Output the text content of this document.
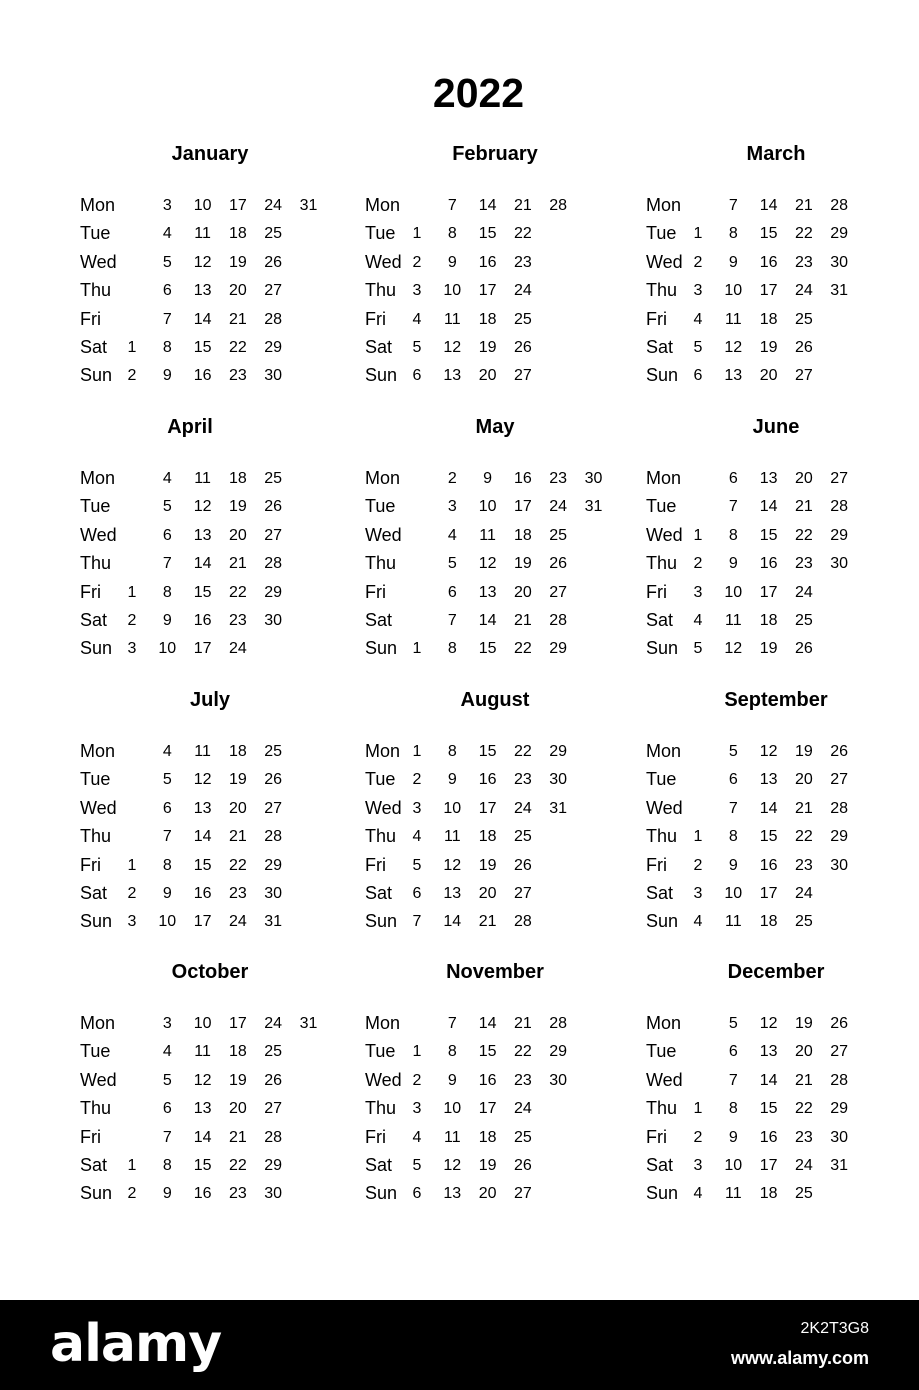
2022
January
Mon
Tue
Wed
Thu
Fri
Sat
Sun
1
2
3
4
5
6
7
8
9
10
11
12
13
14
15
16
17
18
19
20
21
22
23
24
25
26
27
28
29
30
31
February
Mon
Tue
Wed
Thu
Fri
Sat
Sun
1
2
3
4
5
6
7
8
9
10
11
12
13
14
15
16
17
18
19
20
21
22
23
24
25
26
27
28
March
Mon
Tue
Wed
Thu
Fri
Sat
Sun
1
2
3
4
5
6
7
8
9
10
11
12
13
14
15
16
17
18
19
20
21
22
23
24
25
26
27
28
29
30
31
April
Mon
Tue
Wed
Thu
Fri
Sat
Sun
1
2
3
4
5
6
7
8
9
10
11
12
13
14
15
16
17
18
19
20
21
22
23
24
25
26
27
28
29
30
May
Mon
Tue
Wed
Thu
Fri
Sat
Sun 1
2
3
4
5
6
7
8
9
10
11
12
13
14
15
16
17
18
19
20
21
22
23
24
25
26
27
28
29
30
31
June
Mon
Tue
Wed
Thu
Fri
Sat
Sun
1
2
3
4
5
6
7
8
9
10
11
12
13
14
15
16
17
18
19
20
21
22
23
24
25
26
27
28
29
30
July
Mon
Tue
Wed
Thu
Fri
Sat
Sun
1
2
3
4
5
6
7
8
9
10
11
12
13
14
15
16
17
18
19
20
21
22
23
24
25
26
27
28
29
30
31
August
Mon
Tue
Wed
Thu
Fri
Sat
Sun
1
2
3
4
5
6
7
8
9
10
11
12
13
14
15
16
17
18
19
20
21
22
23
24
25
26
27
28
29
30
31
September
Mon
Tue
Wed
Thu
Fri
Sat
Sun
1
2
3
4
5
6
7
8
9
10
11
12
13
14
15
16
17
18
19
20
21
22
23
24
25
26
27
28
29
30
October
Mon
Tue
Wed
Thu
Fri
Sat
Sun
1
2
3
4
5
6
7
8
9
10
11
12
13
14
15
16
17
18
19
20
21
22
23
24
25
26
27
28
29
30
31
November
Mon
Tue
Wed
Thu
Fri
Sat
Sun
1
2
3
4
5
6
7
8
9
10
11
12
13
14
15
16
17
18
19
20
21
22
23
24
25
26
27
28
29
30
December
Mon
Tue
Wed
Thu
Fri
Sat
Sun
1
2
3
4
5
6
7
8
9
10
11
12
13
14
15
16
17
18
19
20
21
22
23
24
25
26
27
28
29
30
31
alamy	2K2T3G8
www.alamy.com
